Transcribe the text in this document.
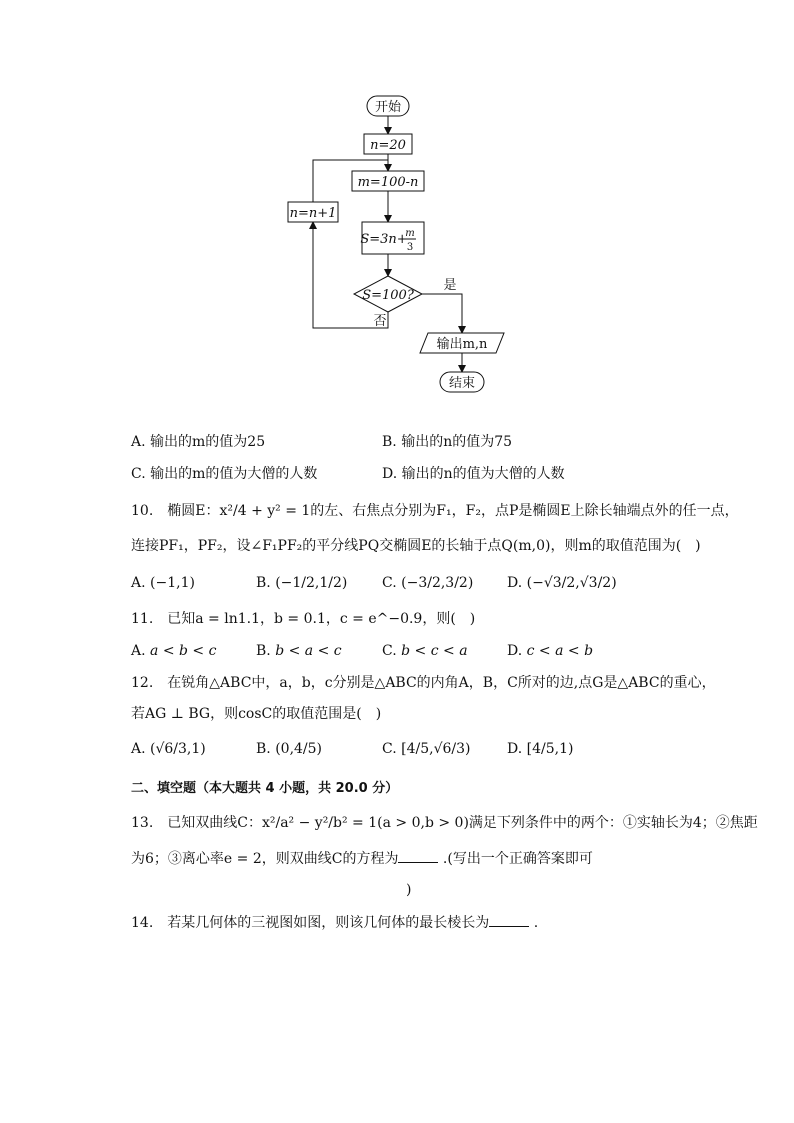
开始
n=20
m=100-n
S=3n+
m
3
S=100?
是
否
n=n+1
输出m,n
结束
A. 输出的m的值为25	B. 输出的n的值为75
C. 输出的m的值为大僧的人数	D. 输出的n的值为大僧的人数
10.　椭圆E：x²/4 + y² = 1的左、右焦点分别为F₁，F₂，点P是椭圆E上除长轴端点外的任一点，
连接PF₁，PF₂，设∠F₁PF₂的平分线PQ交椭圆E的长轴于点Q(m,0)，则m的取值范围为(　)
A. (−1,1)	B. (−1/2,1/2) C. (−3/2,3/2) D. (−√3/2,√3/2)
11.　已知a = ln1.1，b = 0.1，c = e^−0.9，则(　)
A. a < b < c	B. b < a < c	C. b < c < a	D. c < a < b
12.　在锐角△ABC中，a，b，c分别是△ABC的内角A，B，C所对的边,点G是△ABC的重心，
若AG ⊥ BG，则cosC的取值范围是(　)
A. (√6/3,1)	B. (0,4/5)	C. [4/5,√6/3)	D. [4/5,1)
二、填空题（本大题共 4 小题，共 20.0 分）
13.　已知双曲线C：x²/a² − y²/b² = 1(a > 0,b > 0)满足下列条件中的两个：①实轴长为4；②焦距
为6；③离心率e = 2，则双曲线C的方程为	.(写出一个正确答案即可
)
14.　若某几何体的三视图如图，则该几何体的最长棱长为	.
